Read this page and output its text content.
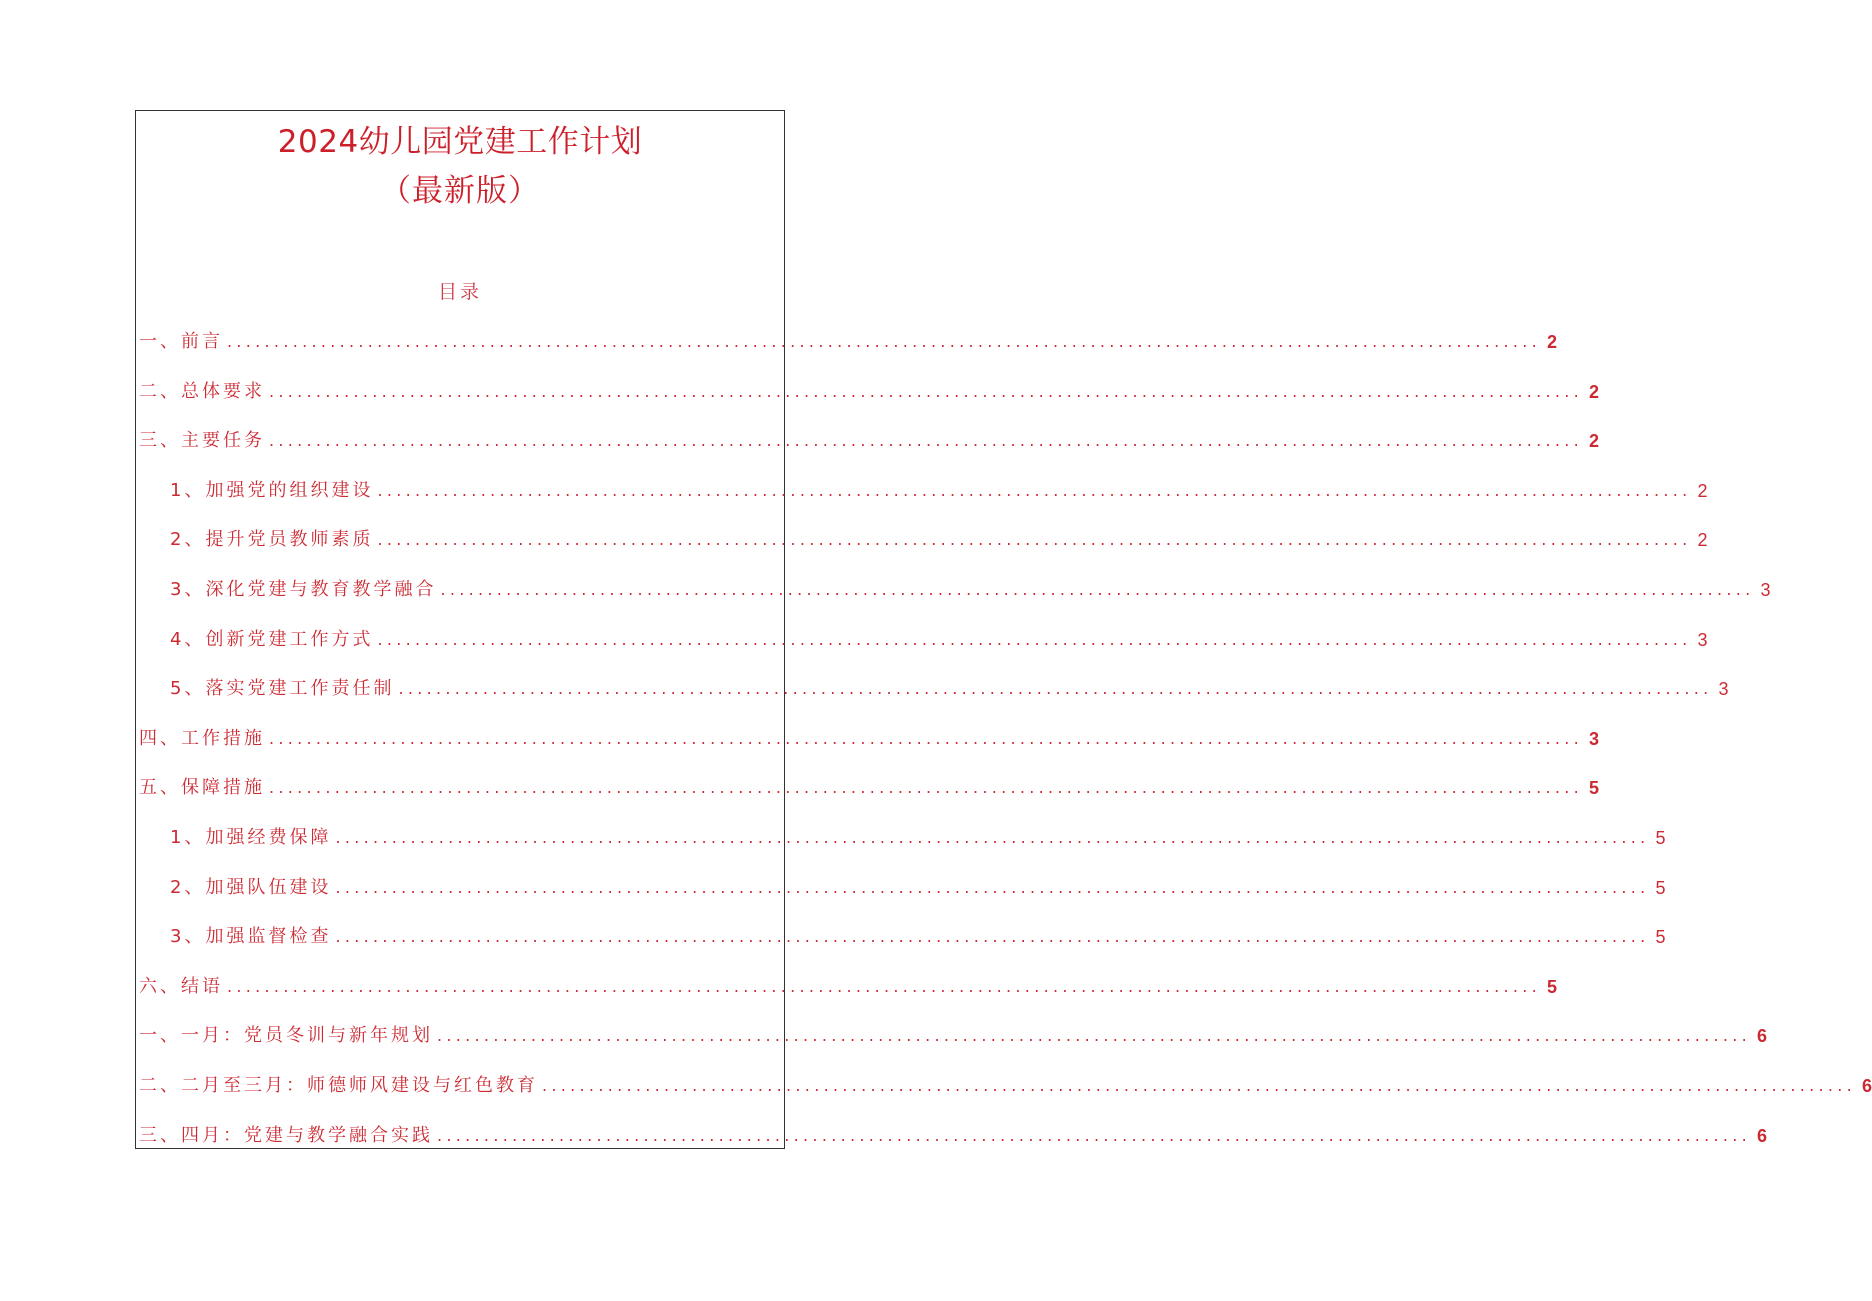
2024幼儿园党建工作计划
（最新版）
目录
一、前言 ............................................................................................................................................ 2
二、总体要求 ............................................................................................................................................ 2
三、主要任务 ............................................................................................................................................ 2
1、加强党的组织建设 ............................................................................................................................................ 2
2、提升党员教师素质 ............................................................................................................................................ 2
3、深化党建与教育教学融合 ............................................................................................................................................ 3
4、创新党建工作方式 ............................................................................................................................................ 3
5、落实党建工作责任制 ............................................................................................................................................ 3
四、工作措施 ............................................................................................................................................ 3
五、保障措施 ............................................................................................................................................ 5
1、加强经费保障 ............................................................................................................................................ 5
2、加强队伍建设 ............................................................................................................................................ 5
3、加强监督检查 ............................................................................................................................................ 5
六、结语 ............................................................................................................................................ 5
一、一月：党员冬训与新年规划 ............................................................................................................................................ 6
二、二月至三月：师德师风建设与红色教育 ............................................................................................................................................ 6
三、四月：党建与教学融合实践 ............................................................................................................................................ 6
